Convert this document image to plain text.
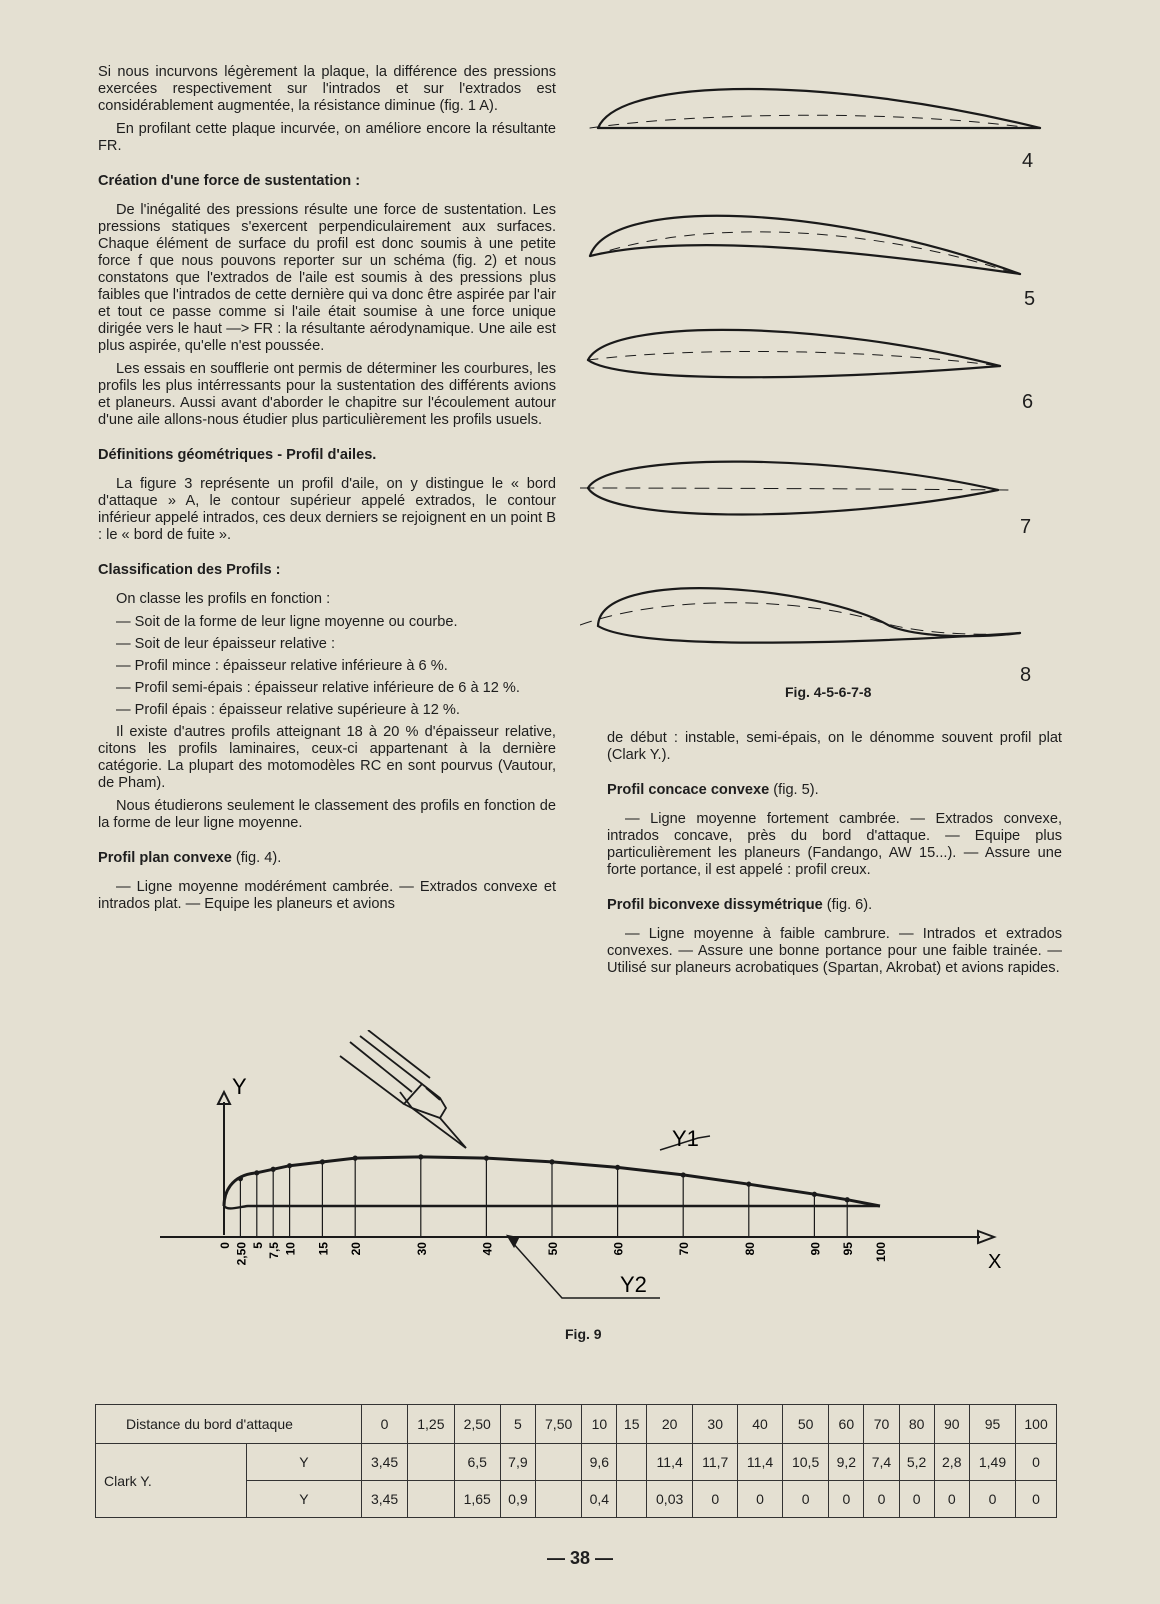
Si nous incurvons légèrement la plaque, la différence des pressions exercées respectivement sur l'intrados et sur l'extrados est considérablement augmentée, la résistance diminue (fig. 1 A).

En profilant cette plaque incurvée, on améliore encore la résultante FR.

Création d'une force de sustentation :

De l'inégalité des pressions résulte une force de sustentation. Les pressions statiques s'exercent perpendiculairement aux surfaces. Chaque élément de surface du profil est donc soumis à une petite force f que nous pouvons reporter sur un schéma (fig. 2) et nous constatons que l'extrados de l'aile est soumis à des pressions plus faibles que l'intrados de cette dernière qui va donc être aspirée par l'air et tout ce passe comme si l'aile était soumise à une force unique dirigée vers le haut —> FR : la résultante aérodynamique. Une aile est plus aspirée, qu'elle n'est poussée.

Les essais en soufflerie ont permis de déterminer les courbures, les profils les plus intérressants pour la sustentation des différents avions et planeurs. Aussi avant d'aborder le chapitre sur l'écoulement autour d'une aile allons-nous étudier plus particulièrement les profils usuels.

Définitions géométriques - Profil d'ailes.

La figure 3 représente un profil d'aile, on y distingue le « bord d'attaque » A, le contour supérieur appelé extrados, le contour inférieur appelé intrados, ces deux derniers se rejoignent en un point B : le « bord de fuite ».

Classification des Profils :

On classe les profils en fonction :

— Soit de la forme de leur ligne moyenne ou courbe.
— Soit de leur épaisseur relative :
— Profil mince : épaisseur relative inférieure à 6 %.
— Profil semi-épais : épaisseur relative inférieure de 6 à 12 %.
— Profil épais : épaisseur relative supérieure à 12 %.

Il existe d'autres profils atteignant 18 à 20 % d'épaisseur relative, citons les profils laminaires, ceux-ci appartenant à la dernière catégorie. La plupart des motomodèles RC en sont pourvus (Vautour, de Pham).

Nous étudierons seulement le classement des profils en fonction de la forme de leur ligne moyenne.

Profil plan convexe (fig. 4).

— Ligne moyenne modérément cambrée. — Extrados convexe et intrados plat. — Equipe les planeurs et avions

4
5
6
7
8
Fig. 4-5-6-7-8

de début : instable, semi-épais, on le dénomme souvent profil plat (Clark Y.).

Profil concace convexe (fig. 5).

— Ligne moyenne fortement cambrée. — Extrados convexe, intrados concave, près du bord d'attaque. — Equipe plus particulièrement les planeurs (Fandango, AW 15...). — Assure une forte portance, il est appelé : profil creux.

Profil biconvexe dissymétrique (fig. 6).

— Ligne moyenne à faible cambrure. — Intrados et extrados convexes. — Assure une bonne portance pour une faible trainée. — Utilisé sur planeurs acrobatiques (Spartan, Akrobat) et avions rapides.

0 2,50 5 7,5 10 15 20	30	40	50	60	70	80	90 95 100
Y
X
Y1
Y2
Fig. 9
Distance du bord d'attaque		0	1,25	2,50	5	7,50	10	15	20	30	40	50	60	70	80	90	95	100
Clark Y.	Y	3,45		6,5	7,9		9,6		11,4	11,7	11,4	10,5	9,2	7,4	5,2	2,8	1,49	0
	Y	3,45		1,65	0,9		0,4		0,03	0	0	0	0	0	0	0	0	0
— 38 —
